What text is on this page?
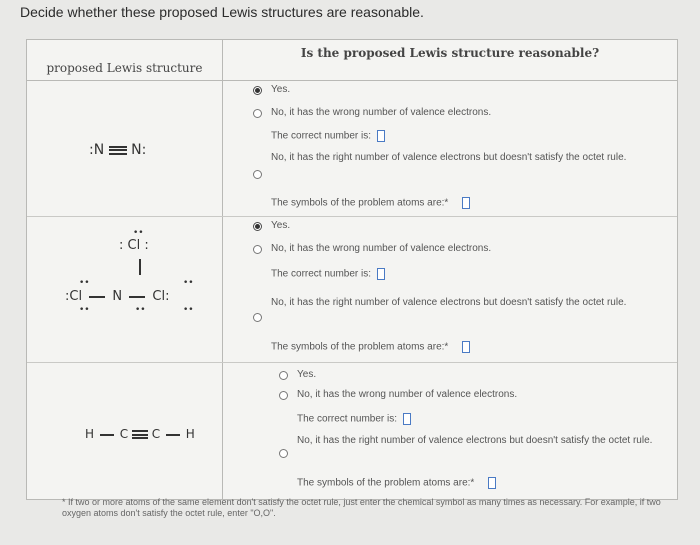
Decide whether these proposed Lewis structures are reasonable.
proposed Lewis structure
Is the proposed Lewis structure reasonable?
:N N:
Yes.
No, it has the wrong number of valence electrons.
The correct number is:
No, it has the right number of valence electrons but doesn't satisfy the octet rule.
The symbols of the problem atoms are:*
: Cl :
••
••
••
:Cl N Cl:
••
••
••
Yes.
No, it has the wrong number of valence electrons.
The correct number is:
No, it has the right number of valence electrons but doesn't satisfy the octet rule.
The symbols of the problem atoms are:*
H C C H
Yes.
No, it has the wrong number of valence electrons.
The correct number is:
No, it has the right number of valence electrons but doesn't satisfy the octet rule.
The symbols of the problem atoms are:*
* If two or more atoms of the same element don't satisfy the octet rule, just enter the chemical symbol as many times as necessary. For example, if two oxygen atoms don't satisfy the octet rule, enter "O,O".
